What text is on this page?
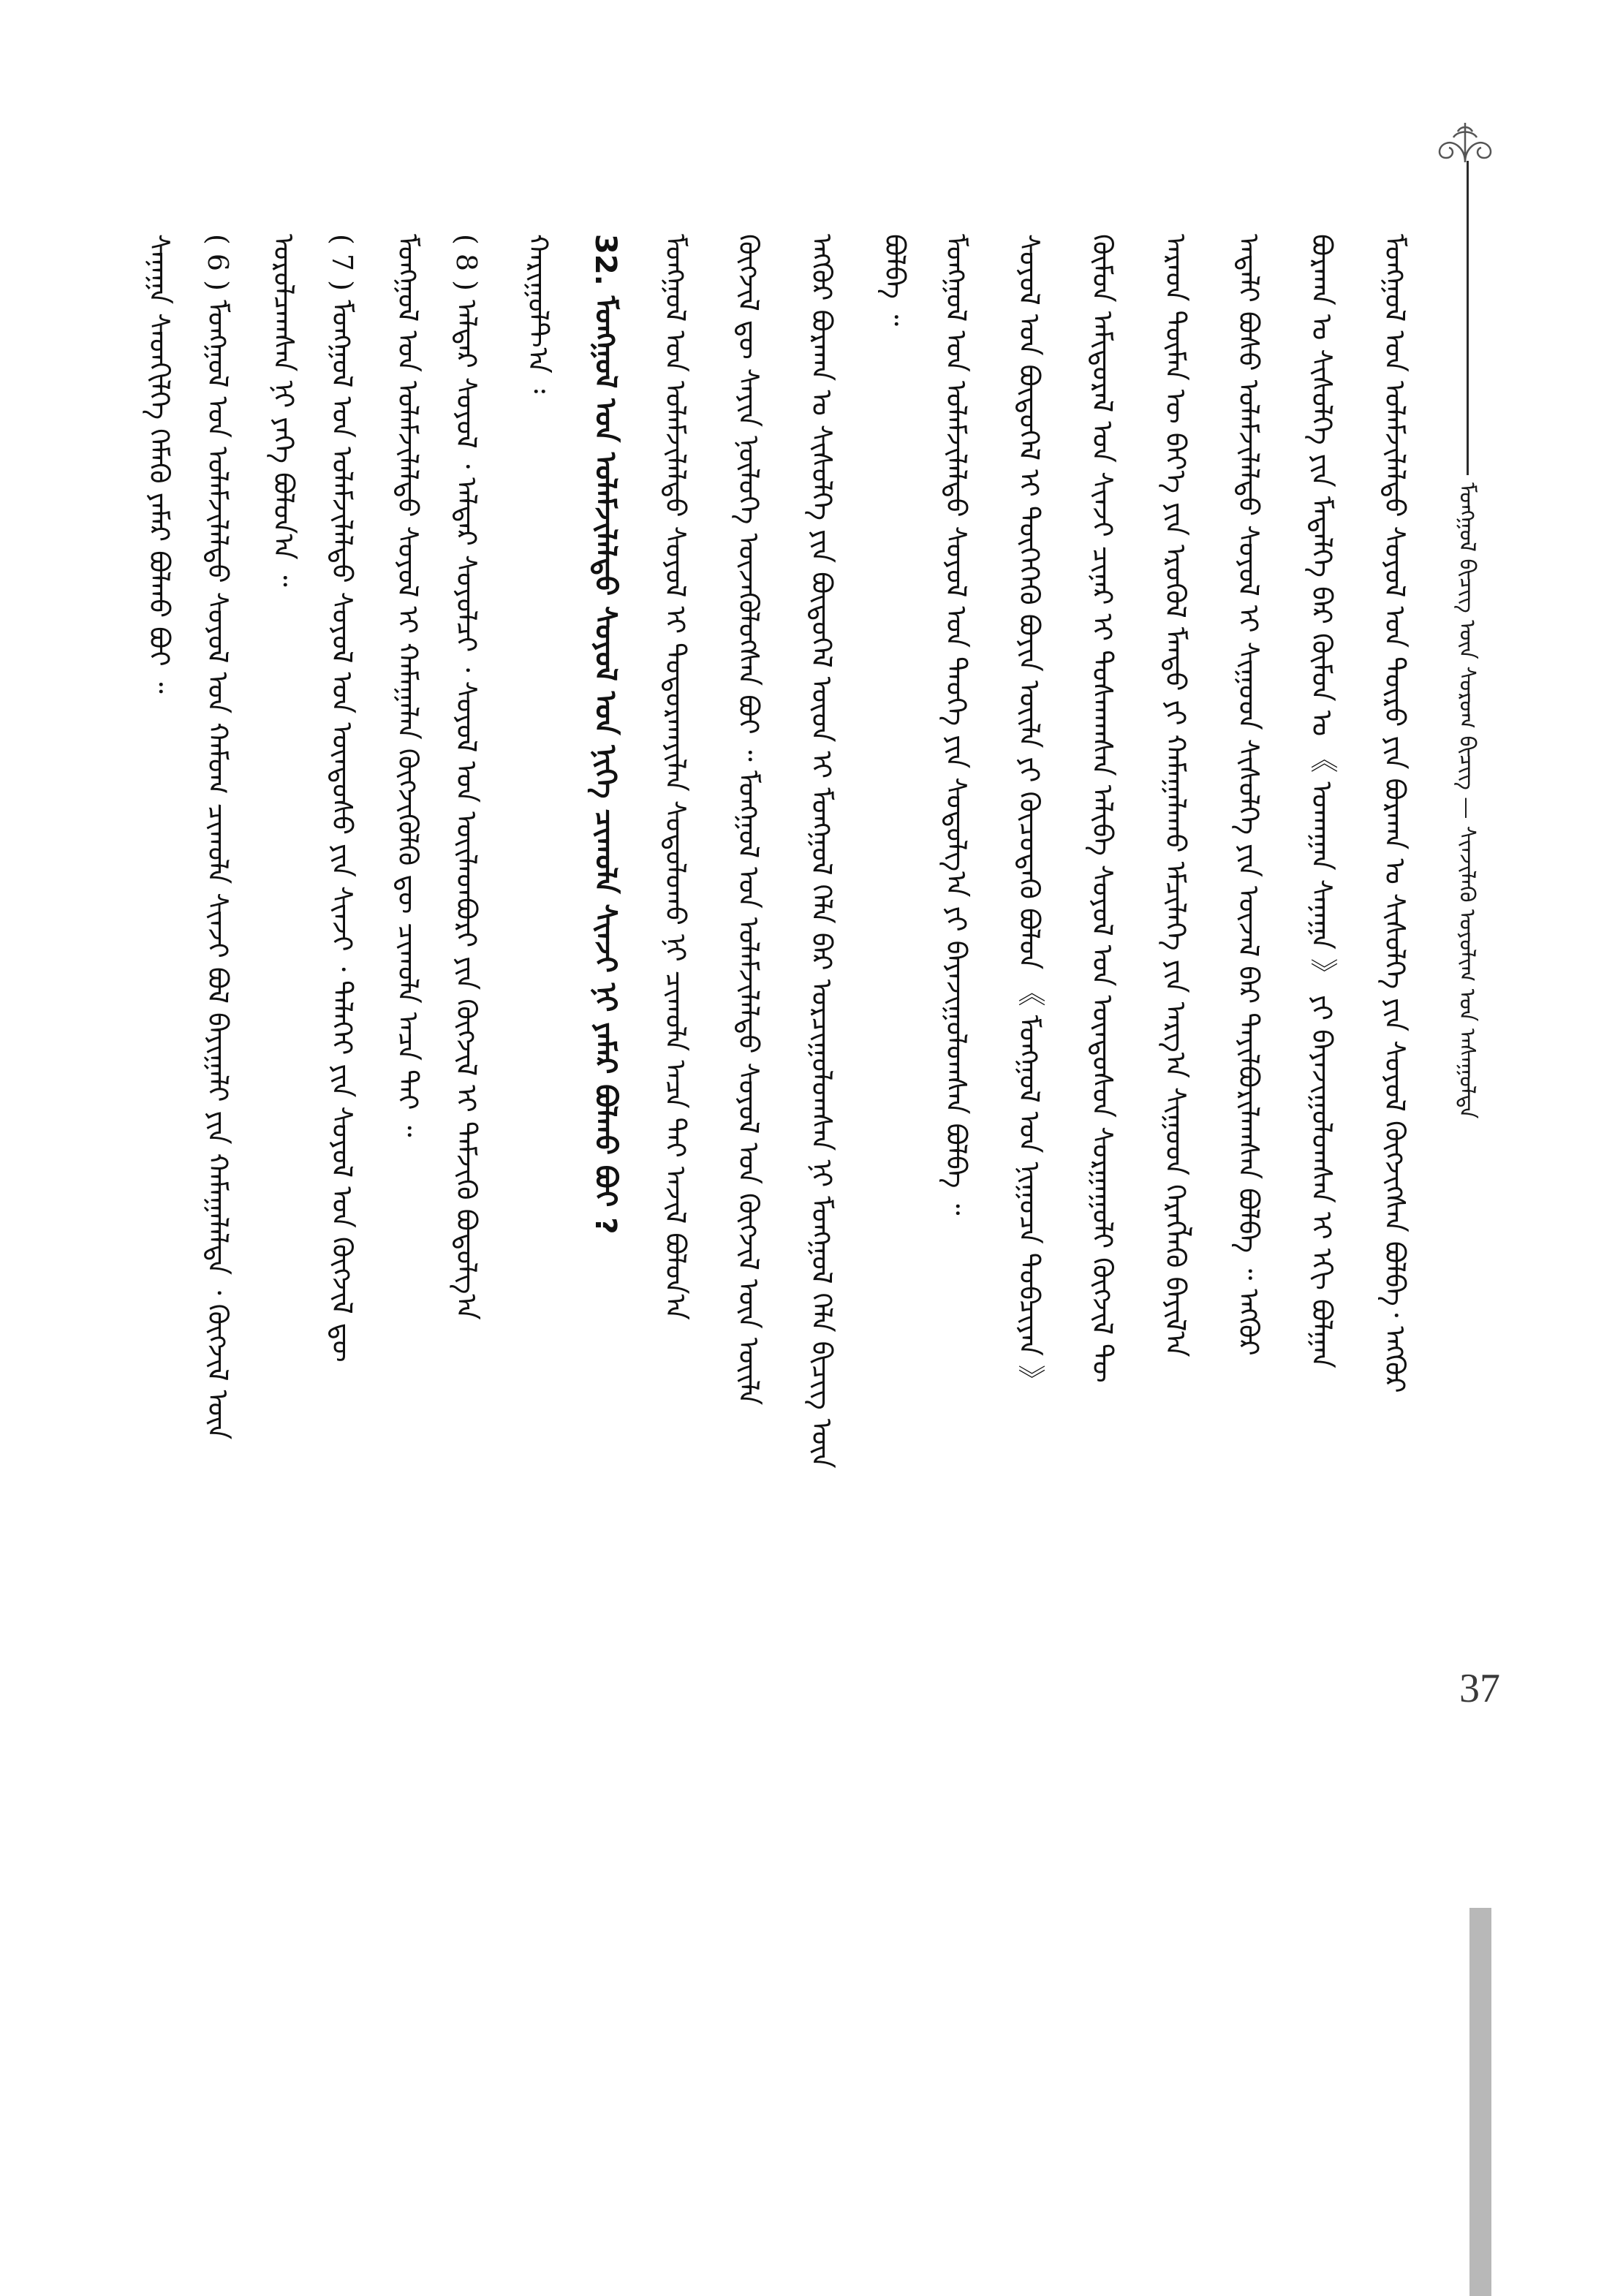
ᠮᠣᠩᠭᠣᠯ ᠪᠢᠴᠢᠭ᠌ ᠦᠨ ᠰᠤᠷᠤᠬ ᠪᠢᠴᠢᠭ᠌ — ᠰᠢᠨᠵᠢᠯᠡᠬᠦ ᠤᠶᠤᠯᠢᠭ ᠤᠨ ᠠᠰᠠᠭᠤᠯᠲᠠ
ᠮᠣᠩᠭᠣᠯ ᠤᠨ ᠤᠯᠠᠮᠵᠢᠯᠠᠯᠲᠤ ᠰᠣᠶᠣᠯ ᠤᠨ ᠲᠦᠷᠦ ᠶᠢᠨ ᠪᠤᠷᠬᠠᠨ ᠤ ᠰᠢᠰᠦᠯᠭᠡ ᠶᠢᠨ ᠰᠣᠶᠣᠯ ᠬᠦᠭᠵᠢᠭᠰᠡᠨ ᠪᠣᠯᠪᠠ᠂ ᠡᠩᠭᠦᠷ
ᠪᠤᠷᠬᠠᠨ ᠤ ᠰᠢᠰᠦᠯᠭᠡ ᠶᠢᠨ ᠮᠡᠳᠡᠯᠭᠡ ᠪᠡᠷ ᠬᠦᠮᠦᠨ ᠤ 《 ᠤᠬᠠᠭᠠᠨ ᠰᠠᠨᠠᠭᠠ 》 ᠶᠢ ᠪᠠᠶᠠᠵᠢᠭᠤᠯᠤᠭᠰᠠᠨ ᠢ ᠡᠬᠢ ᠪᠣᠯᠭᠠᠨ
ᠠᠳᠠᠯᠢ ᠪᠤᠰᠤ ᠤᠯᠠᠮᠵᠢᠯᠠᠯᠲᠤ ᠰᠣᠶᠣᠯ ᠢ ᠰᠢᠭᠤᠳ ᠰᠢᠰᠦᠯᠭᠡ ᠶᠢᠨ ᠦᠵᠡᠯ ᠪᠡᠷ ᠲᠠᠶᠢᠯᠪᠤᠷᠢᠯᠠᠭᠰᠠᠨ ᠪᠣᠯᠪᠠ ᠃ ᠡᠩᠭᠦᠷ
ᠠᠷᠠᠳ ᠲᠦᠮᠡᠨ ᠦ ᠪᠡᠶ᠎ᠡ ᠶᠢᠨ ᠡᠷᠦᠬᠦᠯ ᠮᠡᠨᠳᠦ ᠶᠢ ᠬᠠᠮᠠᠭᠠᠯᠠᠬᠤ ᠡᠮᠴᠢᠯᠡᠭᠡ ᠶᠢᠨ ᠠᠷᠭ᠎ᠠ ᠰᠢᠭᠤᠳ ᠬᠡᠷᠡᠭᠯᠡᠬᠦ ᠪᠠᠶᠢᠯ᠎ᠠ
ᠬᠦᠮᠦᠨ ᠠᠮᠢᠳᠤᠷᠠᠯ ᠤᠨ ᠰᠢᠨᠵᠢ ᠴᠢᠨᠠᠷ ᠢ ᠲᠤᠰᠬᠠᠭᠰᠠᠨ ᠠᠯᠢᠪᠠ ᠰᠣᠶᠣᠯ ᠤᠨ ᠦᠨᠳᠦᠰᠦᠨ ᠰᠤᠷᠭᠠᠭᠤᠯᠢ ᠬᠥᠭᠵᠢᠯ ᠲᠦ
ᠰᠣᠶᠣᠯ ᠤᠨ ᠪᠦᠲᠦᠭᠡᠯ ᠢ ᠲᠦᠭᠡᠭᠡᠬᠦ ᠪᠤᠶᠢᠨ ᠦᠢᠯᠡ ᠶᠢ ᠬᠦᠴᠦᠳᠡᠬᠦ ᠪᠣᠯᠤᠨ 《 ᠮᠣᠩᠭᠣᠯ ᠤᠨ ᠨᠢᠭᠤᠴᠠ ᠲᠣᠪᠴᠢᠶᠠᠨ 》
ᠮᠣᠩᠭᠣᠯ ᠤᠨ ᠤᠯᠠᠮᠵᠢᠯᠠᠯᠲᠤ ᠰᠣᠶᠣᠯ ᠤᠨ ᠲᠡᠦᠬᠡ ᠶᠢᠨ ᠰᠤᠳᠤᠯᠭ᠎ᠠ ᠶᠢ ᠪᠠᠶᠠᠵᠢᠭᠤᠯᠤᠭᠰᠠᠨ ᠪᠣᠯᠪᠠ ᠃
ᠪᠣᠯᠪᠠ ᠃
ᠡᠩᠭᠦᠷ ᠪᠤᠷᠬᠠᠨ ᠤ ᠰᠢᠰᠦᠯᠭᠡ ᠶᠢᠨ ᠪᠦᠲᠦᠭᠡᠯ ᠦᠳ ᠢ ᠮᠣᠩᠭᠣᠯ ᠬᠡᠯᠡ ᠪᠡᠷ ᠣᠷᠴᠢᠭᠤᠯᠤᠭᠰᠠᠨ ᠨᠢ ᠮᠣᠩᠭᠣᠯ ᠬᠡᠯᠡ ᠪᠢᠴᠢᠭ ᠦᠨ
ᠬᠥᠭᠵᠢᠯ ᠳᠦ ᠰᠠᠶᠢᠨ ᠨᠥᠯᠥᠭᠡ ᠦᠵᠡᠭᠦᠯᠦᠭᠰᠡᠨ ᠪᠤᠢ ᠃ ᠮᠣᠩᠭᠣᠯ ᠤᠨ ᠤᠯᠠᠮᠵᠢᠯᠠᠯᠲᠤ ᠰᠣᠶᠣᠯ ᠤᠨ ᠬᠥᠭᠵᠢᠯ ᠦᠨ ᠦᠢᠯᠡ
ᠮᠣᠩᠭᠣᠯ ᠤᠨ ᠤᠯᠠᠮᠵᠢᠯᠠᠯᠲᠤ ᠰᠣᠶᠣᠯ ᠢ ᠲᠣᠳᠣᠷᠬᠠᠶᠢᠯᠠᠨ ᠰᠤᠳᠤᠯᠤᠬᠤ ᠨᠢ ᠴᠢᠬᠤᠯᠠ ᠠᠴᠠ ᠲᠠᠢ ᠠᠵᠢᠯ ᠪᠣᠯᠤᠨ᠎ᠠ
32. ᠮᠣᠩᠭᠣᠯ ᠤᠨ ᠤᠯᠠᠮᠵᠢᠯᠠᠯᠲᠤ ᠰᠣᠶᠣᠯ ᠤᠨ ᠨᠢᠭᠡ ᠴᠢᠬᠤᠯᠠ ᠰᠢᠨᠵᠢ ᠨᠢ ᠶᠠᠮᠠᠷ ᠪᠣᠯᠬᠤ ᠪᠤᠢ ?
ᠬᠠᠷᠢᠭᠤᠯᠲ᠎ᠠ ᠄
( 8 ) ᠠᠯᠳᠠᠷ ᠰᠣᠶᠣᠯ ᠂ ᠠᠯᠳᠠᠷ ᠰᠣᠶᠣᠯᠴᠢ ᠂ ᠰᠣᠶᠣᠯ ᠤᠨ ᠦᠢᠯᠡᠳᠪᠦᠷᠢ ᠶᠢᠨ ᠬᠥᠭᠵᠢᠯ ᠢ ᠳᠡᠮᠵᠢᠬᠦ ᠪᠣᠳᠣᠯᠭ᠎ᠠ
ᠮᠣᠩᠭᠣᠯ ᠤᠨ ᠤᠯᠠᠮᠵᠢᠯᠠᠯᠲᠤ ᠰᠣᠶᠣᠯ ᠢ ᠬᠠᠮᠠᠭᠠᠯᠠᠨ ᠬᠥᠭᠵᠢᠭᠦᠯᠬᠦ ᠳᠦ ᠴᠢᠬᠤᠯᠠ ᠠᠴᠠ ᠲᠠᠢ ᠃
( 7 ) ᠮᠣᠩᠭᠣᠯ ᠤᠨ ᠤᠯᠠᠮᠵᠢᠯᠠᠯᠲᠤ ᠰᠣᠶᠣᠯ ᠤᠨ ᠦᠨᠳᠦᠰᠦ ᠶᠢᠨ ᠰᠢᠨᠵᠢ ᠂ ᠳᠡᠯᠡᠬᠡᠢ ᠶᠢᠨ ᠰᠣᠶᠣᠯ ᠤᠨ ᠬᠥᠭᠵᠢᠯ ᠳᠦ
ᠣᠷᠣᠯᠴᠠᠭᠰᠠᠨ ᠨᠢ ᠶᠡᠬᠡ ᠪᠣᠯᠤᠨ᠎ᠠ ᠃
( 6 ) ᠮᠣᠩᠭᠣᠯ ᠤᠨ ᠤᠯᠠᠮᠵᠢᠯᠠᠯᠲᠤ ᠰᠣᠶᠣᠯ ᠤᠨ ᠬᠠᠮᠤᠭ ᠴᠢᠬᠤᠯᠠ ᠰᠢᠨᠵᠢ ᠪᠣᠯ ᠪᠠᠶᠢᠭᠠᠯᠢ ᠶᠢᠨ ᠬᠠᠮᠠᠭᠠᠯᠠᠯᠲᠠ ᠂ ᠬᠥᠭᠵᠢᠯ ᠦᠨ
ᠰᠠᠨᠠᠭᠠ ᠰᠡᠳᠬᠢᠯᠭᠡ ᠬᠡᠮᠡᠬᠦ ᠶᠠᠮᠠᠷ ᠪᠣᠯᠬᠤ ᠪᠤᠢ ᠃
37
